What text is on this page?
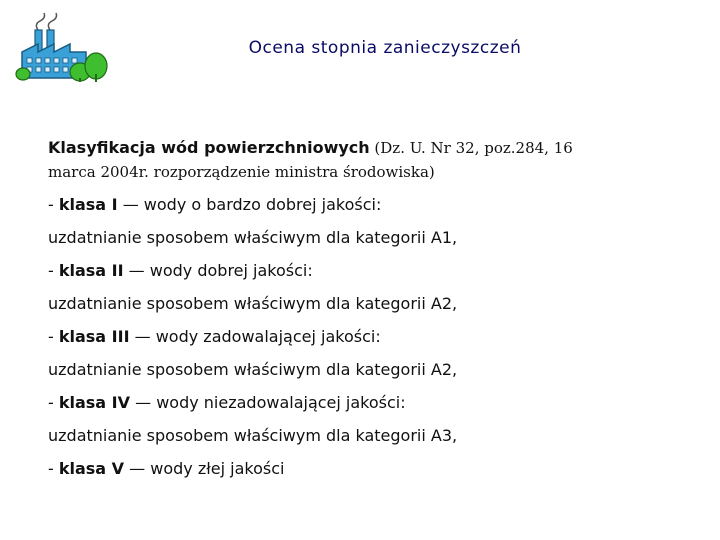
Ocena stopnia zanieczyszczeń
Klasyfikacja wód powierzchniowych (Dz. U. Nr 32, poz.284, 16
marca 2004r. rozporządzenie ministra środowiska)
- klasa I — wody o bardzo dobrej jakości:
uzdatnianie sposobem właściwym dla kategorii A1,
- klasa II — wody dobrej jakości:
uzdatnianie sposobem właściwym dla kategorii A2,
- klasa III — wody zadowalającej jakości:
uzdatnianie sposobem właściwym dla kategorii A2,
- klasa IV — wody niezadowalającej jakości:
uzdatnianie sposobem właściwym dla kategorii A3,
- klasa V — wody złej jakości
